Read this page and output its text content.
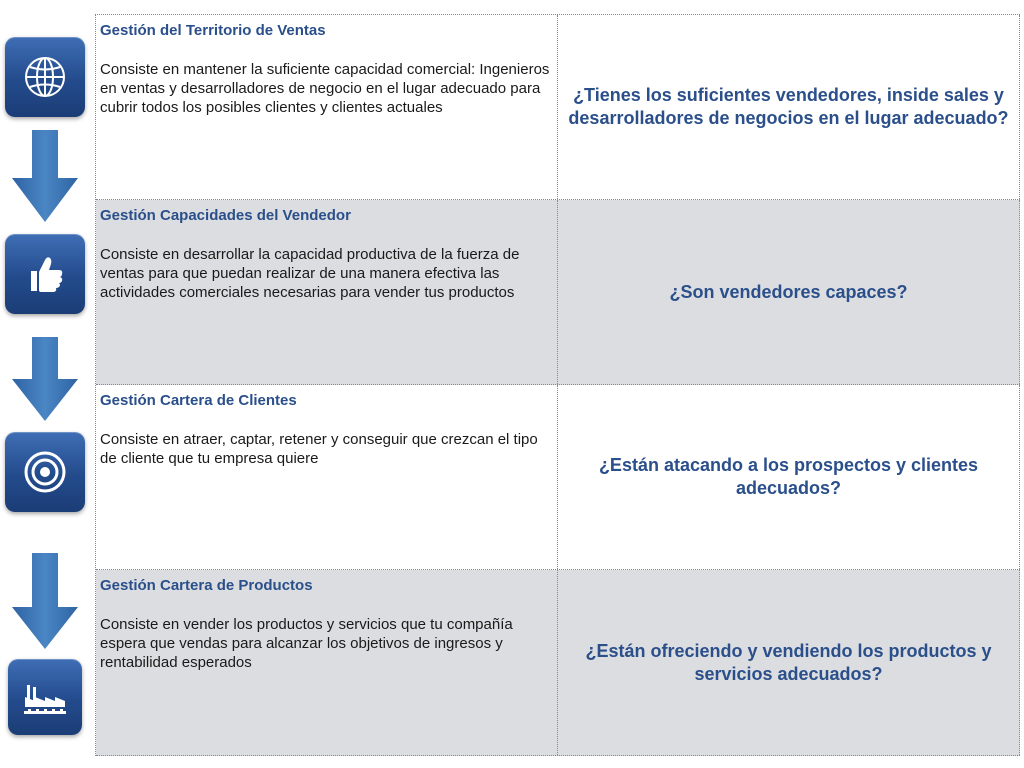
Gestión del Territorio de Ventas

Consiste en mantener la suficiente capacidad comercial: Ingenieros en ventas y desarrolladores de negocio en el lugar adecuado para cubrir todos los posibles clientes y clientes actuales

¿Tienes los suficientes vendedores, inside sales y desarrolladores de negocios en el lugar adecuado?

Gestión Capacidades del Vendedor

Consiste en desarrollar la capacidad productiva de la fuerza de ventas para que puedan realizar de una manera efectiva las actividades comerciales necesarias para vender tus productos	¿Son vendedores capaces?

Gestión Cartera de Clientes

Consiste en atraer, captar, retener y conseguir que crezcan el tipo de cliente que tu empresa quiere	¿Están atacando a los prospectos y clientes adecuados?

Gestión Cartera de Productos

Consiste en vender los productos y servicios que tu compañía espera que vendas para alcanzar los objetivos de ingresos y rentabilidad esperados

¿Están ofreciendo y vendiendo los productos y servicios adecuados?
